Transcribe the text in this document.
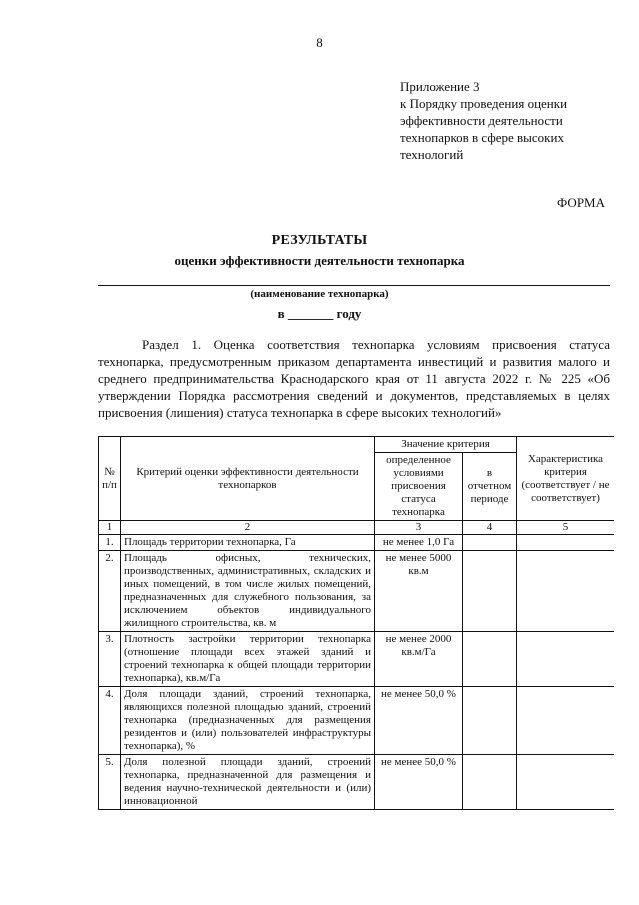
8
Приложение 3
к Порядку проведения оценки
эффективности деятельности
технопарков в сфере высоких
технологий
ФОРМА
РЕЗУЛЬТАТЫ
оценки эффективности деятельности технопарка
(наименование технопарка)
в _______ году
Раздел 1. Оценка соответствия технопарка условиям присвоения статуса технопарка, предусмотренным приказом департамента инвестиций и развития малого и среднего предпринимательства Краснодарского края от 11 августа 2022 г. № 225 «Об утверждении Порядка рассмотрения сведений и документов, представляемых в целях присвоения (лишения) статуса технопарка в сфере высоких технологий»
№ п/п	Критерий оценки эффективности деятельности технопарков	Значение критерия		Характеристика критерия (соответствует / не соответствует)
		определенное условиями присвоения статуса технопарка	в отчетном периоде	
1	2	3	4	5
1.	Площадь территории технопарка, Га	не менее 1,0 Га		
2.	Площадь офисных, технических, производственных, административных, складских и иных помещений, в том числе жилых помещений, предназначенных для служебного пользования, за исключением объектов индивидуального жилищного строительства, кв. м	не менее 5000 кв.м		
3.	Плотность застройки территории технопарка (отношение площади всех этажей зданий и строений технопарка к общей площади территории технопарка), кв.м/Га	не менее 2000 кв.м/Га		
4.	Доля площади зданий, строений технопарка, являющихся полезной площадью зданий, строений технопарка (предназначенных для размещения резидентов и (или) пользователей инфраструктуры технопарка), %	не менее 50,0 %		
5.	Доля полезной площади зданий, строений технопарка, предназначенной для размещения и ведения научно-технической деятельности и (или) инновационной	не менее 50,0 %		
